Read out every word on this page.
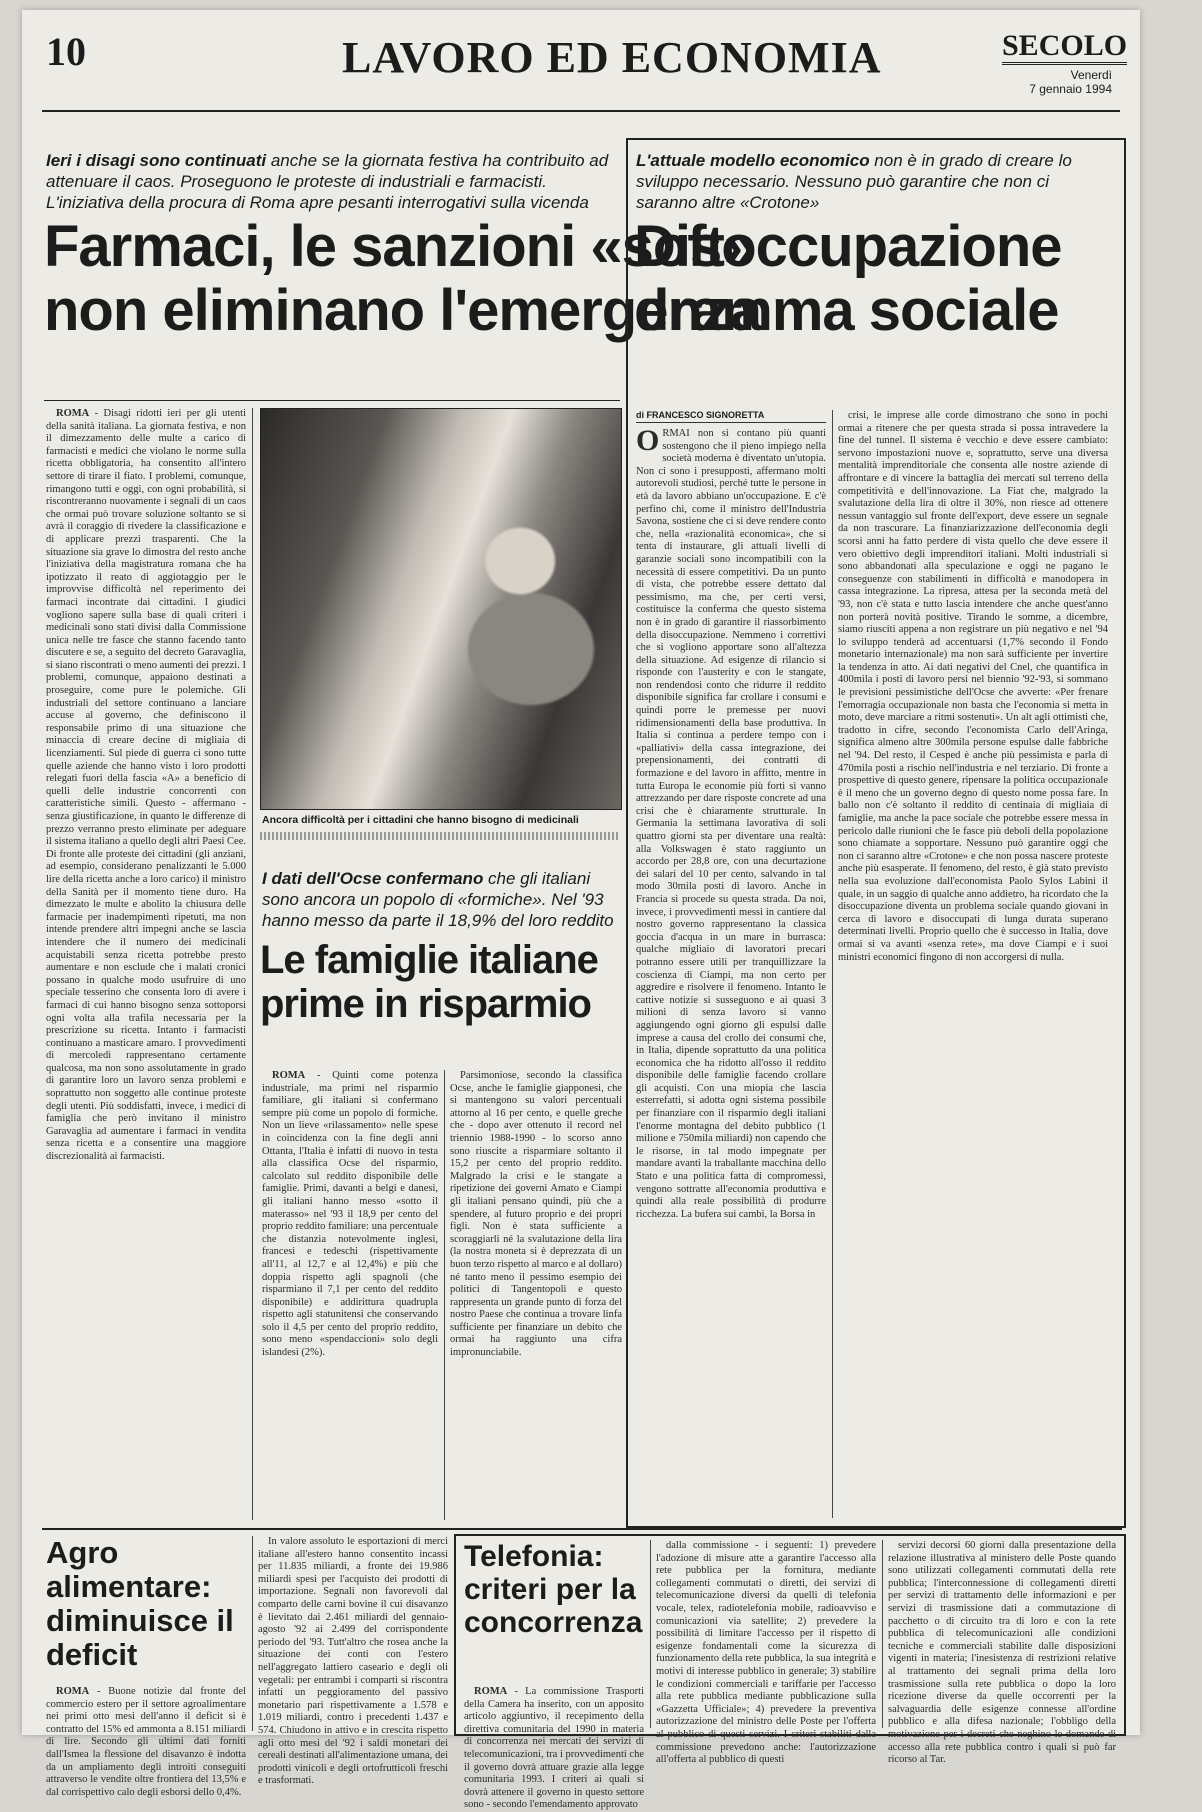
10	LAVORO ED ECONOMIA	SECOLO
Venerdì
7 gennaio 1994
Ieri i disagi sono continuati anche se la giornata festiva ha contribuito ad attenuare il caos. Proseguono le proteste di industriali e farmacisti. L'iniziativa della procura di Roma apre pesanti interrogativi sulla vicenda
Farmaci, le sanzioni «soft»
non eliminano l'emergenza

ROMA - Disagi ridotti ieri per gli utenti della sanità italiana. La giornata festiva, e non il dimezzamento delle multe a carico di farmacisti e medici che violano le norme sulla ricetta obbligatoria, ha consentito all'intero settore di tirare il fiato. I problemi, comunque, rimangono tutti e oggi, con ogni probabilità, si riscontreranno nuovamente i segnali di un caos che ormai può trovare soluzione soltanto se si avrà il coraggio di rivedere la classificazione e di applicare prezzi trasparenti. Che la situazione sia grave lo dimostra del resto anche l'iniziativa della magistratura romana che ha ipotizzato il reato di aggiotaggio per le improvvise difficoltà nel reperimento dei farmaci incontrate dai cittadini. I giudici vogliono sapere sulla base di quali criteri i medicinali sono stati divisi dalla Commissione unica nelle tre fasce che stanno facendo tanto discutere e se, a seguito del decreto Garavaglia, si siano riscontrati o meno aumenti dei prezzi. I problemi, comunque, appaiono destinati a proseguire, come pure le polemiche. Gli industriali del settore continuano a lanciare accuse al governo, che definiscono il responsabile primo di una situazione che minaccia di creare decine di migliaia di licenziamenti. Sul piede di guerra ci sono tutte quelle aziende che hanno visto i loro prodotti relegati fuori della fascia «A» a beneficio di quelli delle industrie concorrenti con caratteristiche simili. Questo - affermano - senza giustificazione, in quanto le differenze di prezzo verranno presto eliminate per adeguare il sistema italiano a quello degli altri Paesi Cee. Di fronte alle proteste dei cittadini (gli anziani, ad esempio, considerano penalizzanti le 5.000 lire della ricetta anche a loro carico) il ministro della Sanità per il momento tiene duro. Ha dimezzato le multe e abolito la chiusura delle farmacie per inadempimenti ripetuti, ma non intende prendere altri impegni anche se lascia intendere che il numero dei medicinali acquistabili senza ricetta potrebbe presto aumentare e non esclude che i malati cronici possano in qualche modo usufruire di uno speciale tesserino che consenta loro di avere i farmaci di cui hanno bisogno senza sottoporsi ogni volta alla trafila necessaria per la prescrizione su ricetta. Intanto i farmacisti continuano a masticare amaro. I provvedimenti di mercoledì rappresentano certamente qualcosa, ma non sono assolutamente in grado di garantire loro un lavoro senza problemi e soprattutto non soggetto alle continue proteste degli utenti. Più soddisfatti, invece, i medici di famiglia che però invitano il ministro Garavaglia ad aumentare i farmaci in vendita senza ricetta e a consentire una maggiore discrezionalità ai farmacisti.

Ancora difficoltà per i cittadini che hanno bisogno di medicinali
I dati dell'Ocse confermano che gli italiani sono ancora un popolo di «formiche». Nel '93 hanno messo da parte il 18,9% del loro reddito
Le famiglie italiane
prime in risparmio

ROMA - Quinti come potenza industriale, ma primi nel risparmio familiare, gli italiani si confermano sempre più come un popolo di formiche. Non un lieve «rilassamento» nelle spese in coincidenza con la fine degli anni Ottanta, l'Italia è infatti di nuovo in testa alla classifica Ocse del risparmio, calcolato sul reddito disponibile delle famiglie. Primi, davanti a belgi e danesi, gli italiani hanno messo «sotto il materasso» nel '93 il 18,9 per cento del proprio reddito familiare: una percentuale che distanzia notevolmente inglesi, francesi e tedeschi (rispettivamente all'11, al 12,7 e al 12,4%) e più che doppia rispetto agli spagnoli (che risparmiano il 7,1 per cento del reddito disponibile) e addirittura quadrupla rispetto agli statunitensi che conservando solo il 4,5 per cento del proprio reddito, sono meno «spendaccioni» solo degli islandesi (2%).

Parsimoniose, secondo la classifica Ocse, anche le famiglie giapponesi, che si mantengono su valori percentuali attorno al 16 per cento, e quelle greche che - dopo aver ottenuto il record nel triennio 1988-1990 - lo scorso anno sono riuscite a risparmiare soltanto il 15,2 per cento del proprio reddito. Malgrado la crisi e le stangate a ripetizione dei governi Amato e Ciampi gli italiani pensano quindi, più che a spendere, al futuro proprio e dei propri figli. Non è stata sufficiente a scoraggiarli né la svalutazione della lira (la nostra moneta si è deprezzata di un buon terzo rispetto al marco e al dollaro) né tanto meno il pessimo esempio dei politici di Tangentopoli e questo rappresenta un grande punto di forza del nostro Paese che continua a trovare linfa sufficiente per finanziare un debito che ormai ha raggiunto una cifra impronunciabile.

L'attuale modello economico non è in grado di creare lo sviluppo necessario. Nessuno può garantire che non ci saranno altre «Crotone»
Disoccupazione
dramma sociale
di FRANCESCO SIGNORETTA

ORMAI non si contano più quanti sostengono che il pieno impiego nella società moderna è diventato un'utopia. Non ci sono i presupposti, affermano molti autorevoli studiosi, perché tutte le persone in età da lavoro abbiano un'occupazione. E c'è perfino chi, come il ministro dell'Industria Savona, sostiene che ci si deve rendere conto che, nella «razionalità economica», che si tenta di instaurare, gli attuali livelli di garanzie sociali sono incompatibili con la necessità di essere competitivi. Da un punto di vista, che potrebbe essere dettato dal pessimismo, ma che, per certi versi, costituisce la conferma che questo sistema non è in grado di garantire il riassorbimento della disoccupazione. Nemmeno i correttivi che si vogliono apportare sono all'altezza della situazione. Ad esigenze di rilancio si risponde con l'austerity e con le stangate, non rendendosi conto che ridurre il reddito disponibile significa far crollare i consumi e quindi porre le premesse per nuovi ridimensionamenti della base produttiva. In Italia si continua a perdere tempo con i «palliativi» della cassa integrazione, dei prepensionamenti, dei contratti di formazione e del lavoro in affitto, mentre in tutta Europa le economie più forti si vanno attrezzando per dare risposte concrete ad una crisi che è chiaramente strutturale. In Germania la settimana lavorativa di soli quattro giorni sta per diventare una realtà: alla Volkswagen è stato raggiunto un accordo per 28,8 ore, con una decurtazione dei salari del 10 per cento, salvando in tal modo 30mila posti di lavoro. Anche in Francia si procede su questa strada. Da noi, invece, i provvedimenti messi in cantiere dal nostro governo rappresentano la classica goccia d'acqua in un mare in burrasca: qualche migliaio di lavoratori precari potranno essere utili per tranquillizzare la coscienza di Ciampi, ma non certo per aggredire e risolvere il fenomeno. Intanto le cattive notizie si susseguono e ai quasi 3 milioni di senza lavoro si vanno aggiungendo ogni giorno gli espulsi dalle imprese a causa del crollo dei consumi che, in Italia, dipende soprattutto da una politica economica che ha ridotto all'osso il reddito disponibile delle famiglie facendo crollare gli acquisti. Con una miopia che lascia esterrefatti, si adotta ogni sistema possibile per finanziare con il risparmio degli italiani l'enorme montagna del debito pubblico (1 milione e 750mila miliardi) non capendo che le risorse, in tal modo impegnate per mandare avanti la traballante macchina dello Stato e una politica fatta di compromessi, vengono sottratte all'economia produttiva e quindi alla reale possibilità di produrre ricchezza. La bufera sui cambi, la Borsa in

crisi, le imprese alle corde dimostrano che sono in pochi ormai a ritenere che per questa strada si possa intravedere la fine del tunnel. Il sistema è vecchio e deve essere cambiato: servono impostazioni nuove e, soprattutto, serve una diversa mentalità imprenditoriale che consenta alle nostre aziende di affrontare e di vincere la battaglia dei mercati sul terreno della competitività e dell'innovazione. La Fiat che, malgrado la svalutazione della lira di oltre il 30%, non riesce ad ottenere nessun vantaggio sul fronte dell'export, deve essere un segnale da non trascurare. La finanziarizzazione dell'economia degli scorsi anni ha fatto perdere di vista quello che deve essere il vero obiettivo degli imprenditori italiani. Molti industriali si sono abbandonati alla speculazione e oggi ne pagano le conseguenze con stabilimenti in difficoltà e manodopera in cassa integrazione. La ripresa, attesa per la seconda metà del '93, non c'è stata e tutto lascia intendere che anche quest'anno non porterà novità positive. Tirando le somme, a dicembre, siamo riusciti appena a non registrare un più negativo e nel '94 lo sviluppo tenderà ad accentuarsi (1,7% secondo il Fondo monetario internazionale) ma non sarà sufficiente per invertire la tendenza in atto. Ai dati negativi del Cnel, che quantifica in 400mila i posti di lavoro persi nel biennio '92-'93, si sommano le previsioni pessimistiche dell'Ocse che avverte: «Per frenare l'emorragia occupazionale non basta che l'economia si metta in moto, deve marciare a ritmi sostenuti». Un alt agli ottimisti che, tradotto in cifre, secondo l'economista Carlo dell'Aringa, significa almeno altre 300mila persone espulse dalle fabbriche nel '94. Del resto, il Cesped è anche più pessimista e parla di 470mila posti a rischio nell'industria e nel terziario. Di fronte a prospettive di questo genere, ripensare la politica occupazionale è il meno che un governo degno di questo nome possa fare. In ballo non c'è soltanto il reddito di centinaia di migliaia di famiglie, ma anche la pace sociale che potrebbe essere messa in pericolo dalle riunioni che le fasce più deboli della popolazione sono chiamate a sopportare. Nessuno può garantire oggi che non ci saranno altre «Crotone» e che non possa nascere proteste anche più esasperate. Il fenomeno, del resto, è già stato previsto nella sua evoluzione dall'economista Paolo Sylos Labini il quale, in un saggio di qualche anno addietro, ha ricordato che la disoccupazione diventa un problema sociale quando giovani in cerca di lavoro e disoccupati di lunga durata superano determinati livelli. Proprio quello che è successo in Italia, dove ormai si va avanti «senza rete», ma dove Ciampi e i suoi ministri economici fingono di non accorgersi di nulla.

Agro alimentare: diminuisce il deficit

ROMA - Buone notizie dal fronte del commercio estero per il settore agroalimentare nei primi otto mesi dell'anno il deficit si è contratto del 15% ed ammonta a 8.151 miliardi di lire. Secondo gli ultimi dati forniti dall'Ismea la flessione del disavanzo è indotta da un ampliamento degli introiti conseguiti attraverso le vendite oltre frontiera del 13,5% e dal corrispettivo calo degli esborsi dello 0,4%.

In valore assoluto le esportazioni di merci italiane all'estero hanno consentito incassi per 11.835 miliardi, a fronte dei 19.986 miliardi spesi per l'acquisto dei prodotti di importazione. Segnali non favorevoli dal comparto delle carni bovine il cui disavanzo è lievitato dai 2.461 miliardi del gennaio-agosto '92 ai 2.499 del corrispondente periodo del '93. Tutt'altro che rosea anche la situazione dei conti con l'estero nell'aggregato lattiero caseario e degli oli vegetali: per entrambi i comparti si riscontra infatti un peggioramento del passivo monetario pari rispettivamente a 1.578 e 1.019 miliardi, contro i precedenti 1.437 e 574. Chiudono in attivo e in crescita rispetto agli otto mesi del '92 i saldi monetari dei cereali destinati all'alimentazione umana, dei prodotti vinicoli e degli ortofrutticoli freschi e trasformati.

Telefonia: criteri per la concorrenza

ROMA - La commissione Trasporti della Camera ha inserito, con un apposito articolo aggiuntivo, il recepimento della direttiva comunitaria del 1990 in materia di concorrenza nei mercati dei servizi di telecomunicazioni, tra i provvedimenti che il governo dovrà attuare grazie alla legge comunitaria 1993. I criteri ai quali si dovrà attenere il governo in questo settore sono - secondo l'emendamento approvato

dalla commissione - i seguenti: 1) prevedere l'adozione di misure atte a garantire l'accesso alla rete pubblica per la fornitura, mediante collegamenti commutati o diretti, dei servizi di telecomunicazione diversi da quelli di telefonia vocale, telex, radiotelefonia mobile, radioavviso e comunicazioni via satellite; 2) prevedere la possibilità di limitare l'accesso per il rispetto di esigenze fondamentali come la sicurezza di funzionamento della rete pubblica, la sua integrità e motivi di interesse pubblico in generale; 3) stabilire le condizioni commerciali e tariffarie per l'accesso alla rete pubblica mediante pubblicazione sulla «Gazzetta Ufficiale»; 4) prevedere la preventiva autorizzazione del ministro delle Poste per l'offerta al pubblico di questi servizi. I criteri stabiliti dalla commissione prevedono anche: l'autorizzazione all'offerta al pubblico di questi

servizi decorsi 60 giorni dalla presentazione della relazione illustrativa al ministero delle Poste quando sono utilizzati collegamenti commutati della rete pubblica; l'interconnessione di collegamenti diretti per servizi di trattamento delle informazioni e per servizi di trasmissione dati a commutazione di pacchetto o di circuito tra di loro e con la rete pubblica di telecomunicazioni alle condizioni tecniche e commerciali stabilite dalle disposizioni vigenti in materia; l'inesistenza di restrizioni relative al trattamento dei segnali prima della loro trasmissione sulla rete pubblica o dopo la loro ricezione diverse da quelle occorrenti per la salvaguardia delle esigenze connesse all'ordine pubblico e alla difesa nazionale; l'obbligo della motivazione per i decreti che neghino le domande di accesso alla rete pubblica contro i quali si può far ricorso al Tar.
